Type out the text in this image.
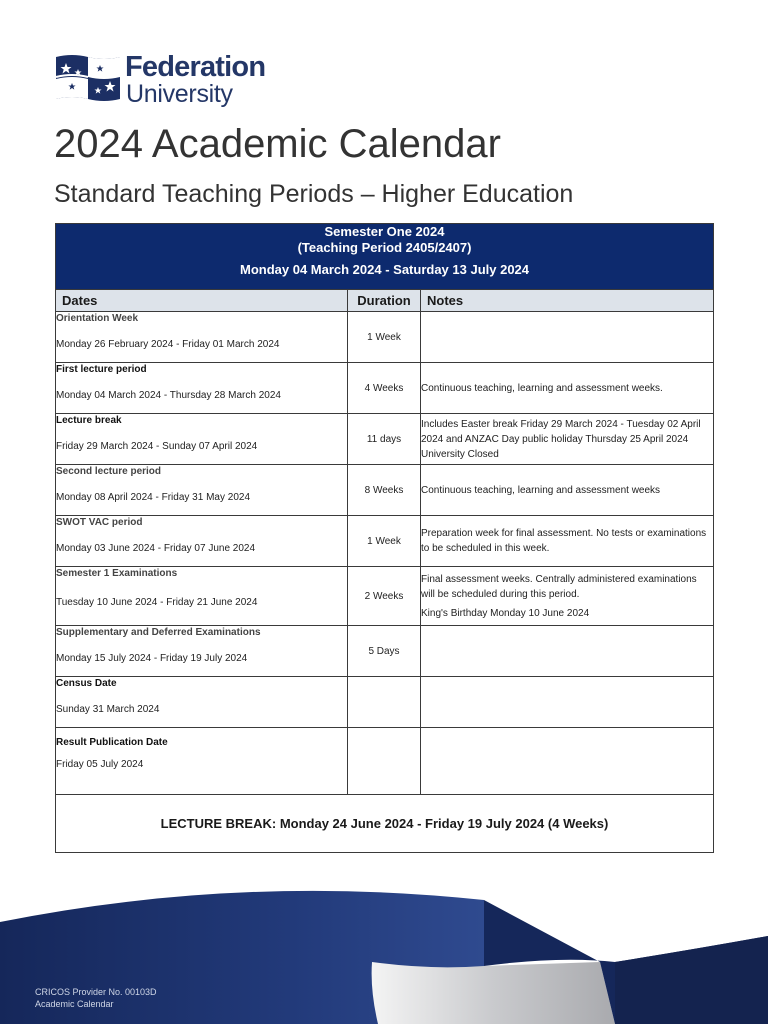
Federation
University
2024 Academic Calendar
Standard Teaching Periods – Higher Education
Semester One 2024
(Teaching Period 2405/2407)
Monday 04 March 2024 - Saturday 13 July 2024		

Dates	Duration	Notes

Orientation Week
Monday 26 February 2024 - Friday 01 March 2024	1 Week	

First lecture period
Monday 04 March 2024 - Thursday 28 March 2024	4 Weeks	Continuous teaching, learning and assessment weeks.

Lecture break
Friday 29 March 2024 - Sunday 07 April 2024	11 days	Includes Easter break Friday 29 March 2024 - Tuesday 02 April 2024 and ANZAC Day public holiday Thursday 25 April 2024 University Closed

Second lecture period
Monday 08 April 2024 - Friday 31 May 2024	8 Weeks	Continuous teaching, learning and assessment weeks

SWOT VAC period
Monday 03 June 2024 - Friday 07 June 2024	1 Week	Preparation week for final assessment. No tests or examinations to be scheduled in this week.

Semester 1 Examinations
Tuesday 10 June 2024 - Friday 21 June 2024	2 Weeks	Final assessment weeks. Centrally administered examinations will be scheduled during this period.
King's Birthday Monday 10 June 2024

Supplementary and Deferred Examinations
Monday 15 July 2024 - Friday 19 July 2024	5 Days	

Census Date
Sunday 31 March 2024		

Result Publication Date
Friday 05 July 2024		

LECTURE BREAK: Monday 24 June 2024 - Friday 19 July 2024 (4 Weeks)		
CRICOS Provider No. 00103D
Academic Calendar
